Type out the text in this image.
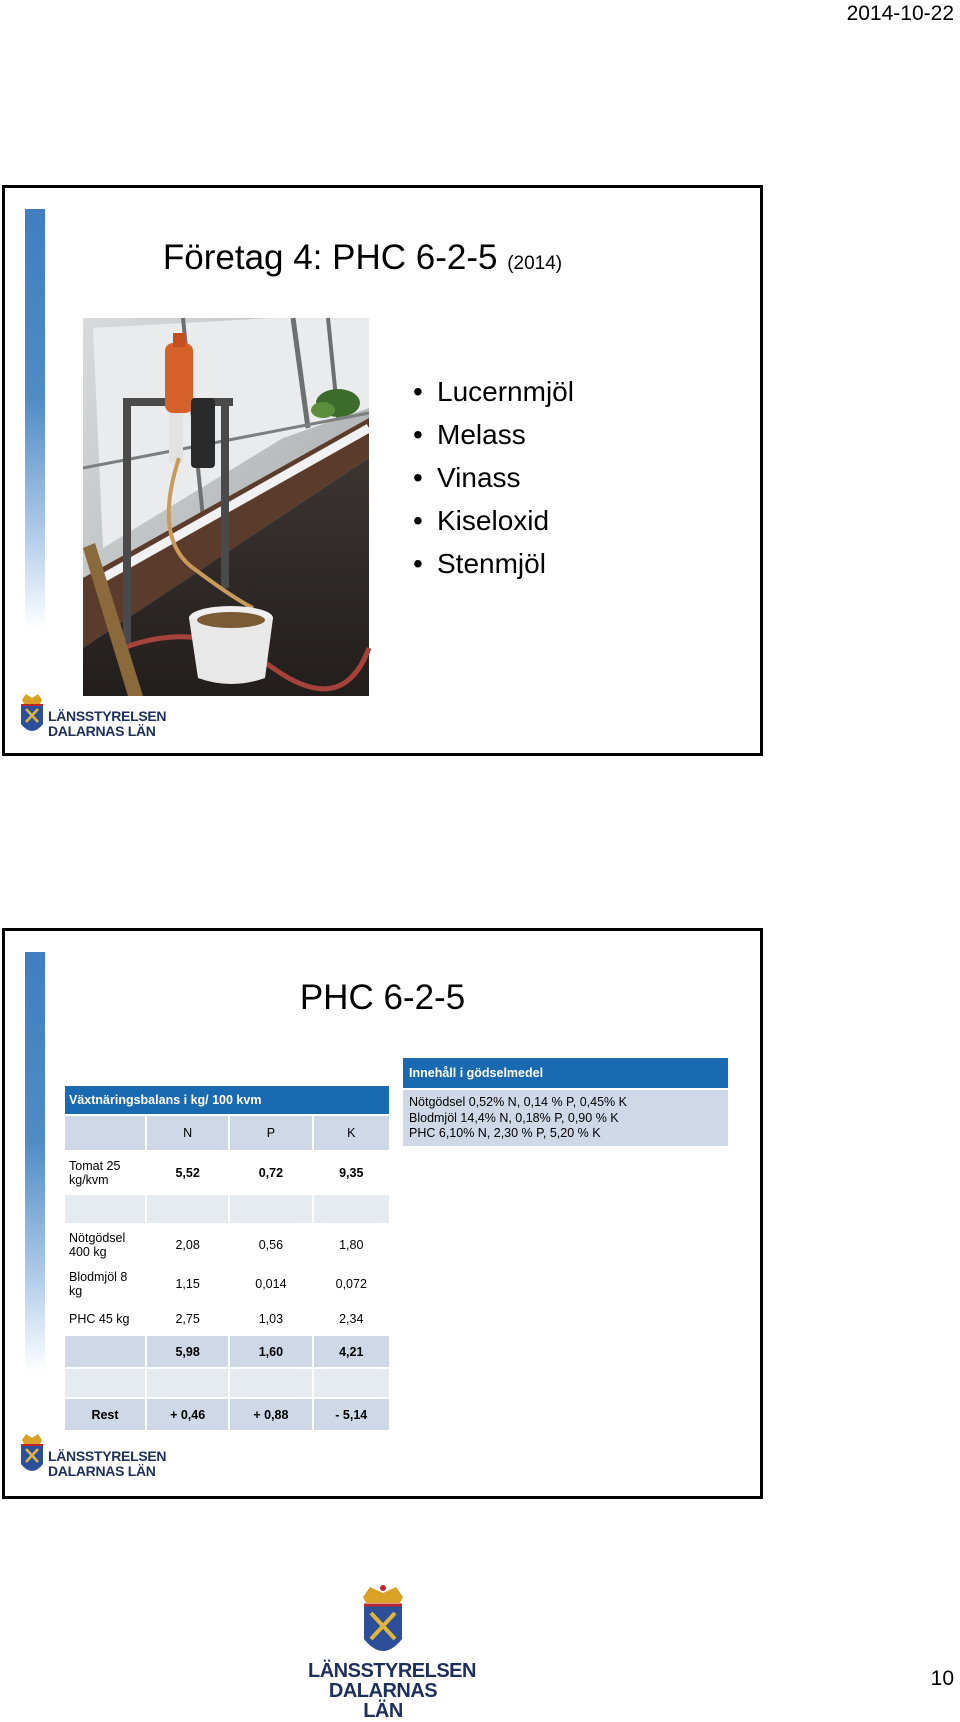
2014-10-22
Företag 4: PHC 6-2-5 (2014)
• Lucernmjöl
• Melass
• Vinass
• Kiseloxid
• Stenmjöl
LÄNSSTYRELSEN
DALARNAS LÄN
PHC 6-2-5
Växtnäringsbalans i kg/ 100 kvm			
	N	P	K
Tomat 25 kg/kvm	5,52	0,72	9,35

Nötgödsel 400 kg	2,08	0,56	1,80
Blodmjöl 8 kg	1,15	0,014	0,072
PHC 45 kg	2,75	1,03	2,34
	5,98	1,60	4,21

Rest	+ 0,46	+ 0,88	- 5,14
Innehåll i gödselmedel
Nötgödsel 0,52% N, 0,14 % P, 0,45% K
Blodmjöl 14,4% N, 0,18% P, 0,90 % K
PHC 6,10% N, 2,30 % P, 5,20 % K
LÄNSSTYRELSEN
DALARNAS LÄN
LÄNSSTYRELSEN
DALARNAS LÄN
10
